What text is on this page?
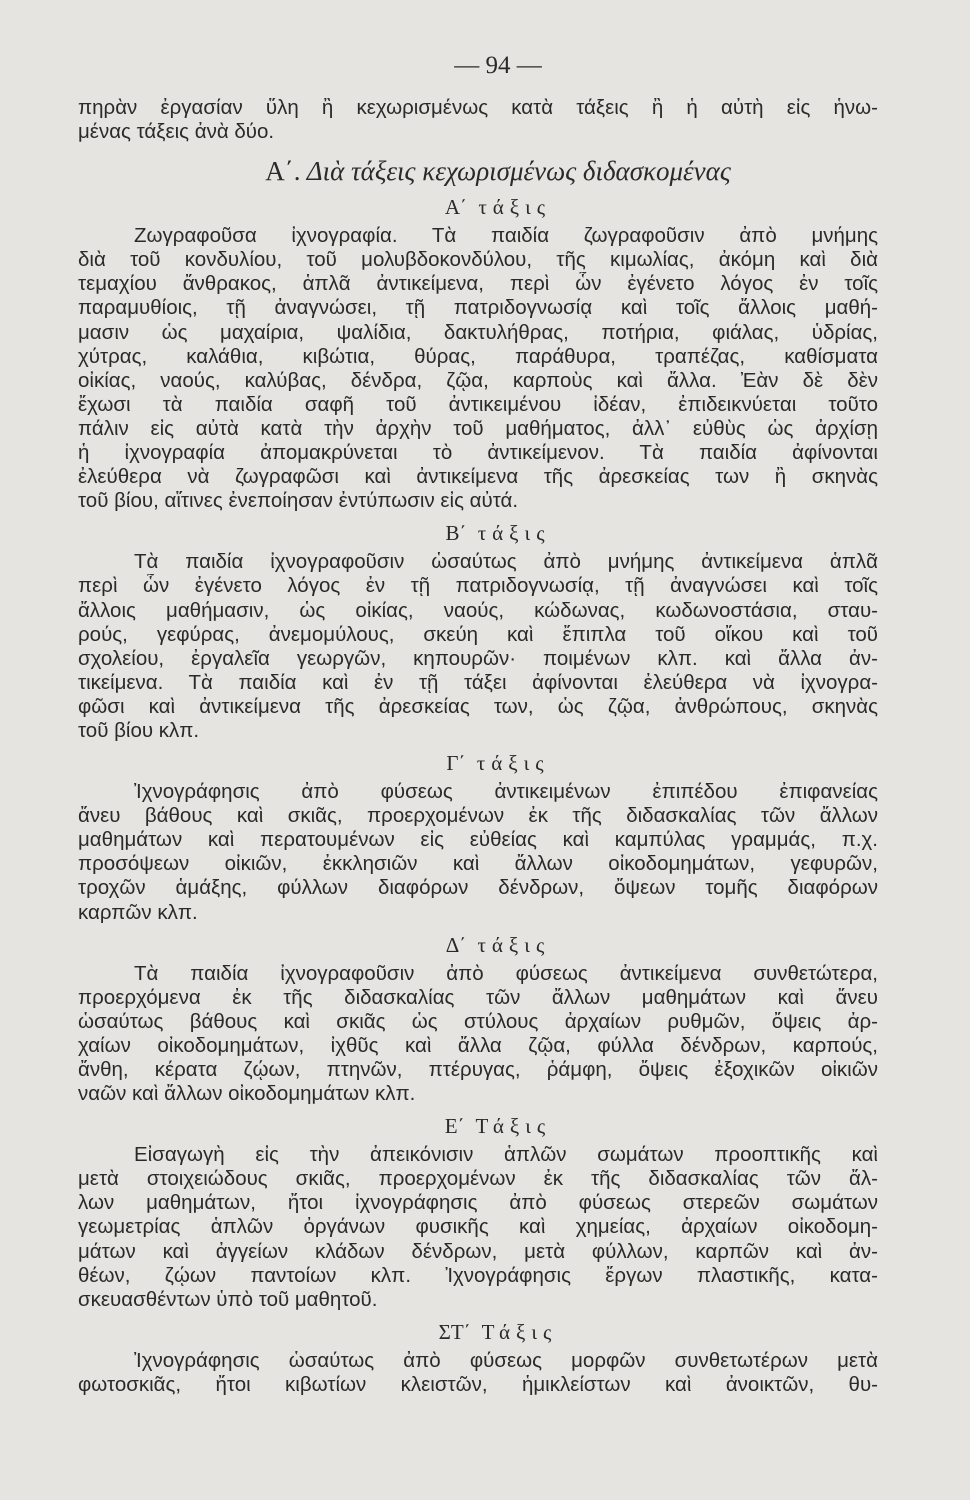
— 94 —
πηρὰν ἐργασίαν ὕλη ἢ κεχωρισμένως κατὰ τάξεις ἢ ἡ αὐτὴ εἰς ἡνω-
μένας τάξεις ἀνὰ δύο.
Α΄. Διὰ τάξεις κεχωρισμένως διδασκομένας
Α΄ τάξις
Ζωγραφοῦσα ἰχνογραφία. Τὰ παιδία ζωγραφοῦσιν ἀπὸ μνήμης
διὰ τοῦ κονδυλίου, τοῦ μολυβδοκονδύλου, τῆς κιμωλίας, ἀκόμη καὶ διὰ
τεμαχίου ἄνθρακος, ἁπλᾶ ἀντικείμενα, περὶ ὧν ἐγένετο λόγος ἐν τοῖς
παραμυθίοις, τῇ ἀναγνώσει, τῇ πατριδογνωσίᾳ καὶ τοῖς ἄλλοις μαθή-
μασιν ὡς μαχαίρια, ψαλίδια, δακτυλήθρας, ποτήρια, φιάλας, ὑδρίας,
χύτρας, καλάθια, κιβώτια, θύρας, παράθυρα, τραπέζας, καθίσματα
οἰκίας, ναούς, καλύβας, δένδρα, ζῷα, καρποὺς καὶ ἄλλα. Ἐὰν δὲ δὲν
ἔχωσι τὰ παιδία σαφῆ τοῦ ἀντικειμένου ἰδέαν, ἐπιδεικνύεται τοῦτο
πάλιν εἰς αὐτὰ κατὰ τὴν ἀρχὴν τοῦ μαθήματος, ἀλλ᾽ εὐθὺς ὡς ἀρχίσῃ
ἡ ἰχνογραφία ἀπομακρύνεται τὸ ἀντικείμενον. Τὰ παιδία ἀφίνονται
ἐλεύθερα νὰ ζωγραφῶσι καὶ ἀντικείμενα τῆς ἀρεσκείας των ἢ σκηνὰς
τοῦ βίου, αἵτινες ἐνεποίησαν ἐντύπωσιν εἰς αὐτά.
Β΄ τάξις
Τὰ παιδία ἰχνογραφοῦσιν ὡσαύτως ἀπὸ μνήμης ἀντικείμενα ἁπλᾶ
περὶ ὧν ἐγένετο λόγος ἐν τῇ πατριδογνωσίᾳ, τῇ ἀναγνώσει καὶ τοῖς
ἄλλοις μαθήμασιν, ὡς οἰκίας, ναούς, κώδωνας, κωδωνοστάσια, σταυ-
ρούς, γεφύρας, ἀνεμομύλους, σκεύη καὶ ἔπιπλα τοῦ οἴκου καὶ τοῦ
σχολείου, ἐργαλεῖα γεωργῶν, κηπουρῶν· ποιμένων κλπ. καὶ ἄλλα ἀν-
τικείμενα. Τὰ παιδία καὶ ἐν τῇ τάξει ἀφίνονται ἐλεύθερα νὰ ἰχνογρα-
φῶσι καὶ ἀντικείμενα τῆς ἀρεσκείας των, ὡς ζῷα, ἀνθρώπους, σκηνὰς
τοῦ βίου κλπ.
Γ΄ τάξις
Ἰχνογράφησις ἀπὸ φύσεως ἀντικειμένων ἐπιπέδου ἐπιφανείας
ἄνευ βάθους καὶ σκιᾶς, προερχομένων ἐκ τῆς διδασκαλίας τῶν ἄλλων
μαθημάτων καὶ περατουμένων εἰς εὐθείας καὶ καμπύλας γραμμάς, π.χ.
προσόψεων οἰκιῶν, ἐκκλησιῶν καὶ ἄλλων οἰκοδομημάτων, γεφυρῶν,
τροχῶν ἁμάξης, φύλλων διαφόρων δένδρων, ὄψεων τομῆς διαφόρων
καρπῶν κλπ.
Δ΄ τάξις
Τὰ παιδία ἰχνογραφοῦσιν ἀπὸ φύσεως ἀντικείμενα συνθετώτερα,
προερχόμενα ἐκ τῆς διδασκαλίας τῶν ἄλλων μαθημάτων καὶ ἄνευ
ὡσαύτως βάθους καὶ σκιᾶς ὡς στύλους ἀρχαίων ρυθμῶν, ὄψεις ἀρ-
χαίων οἰκοδομημάτων, ἰχθῦς καὶ ἄλλα ζῷα, φύλλα δένδρων, καρπούς,
ἄνθη, κέρατα ζῴων, πτηνῶν, πτέρυγας, ῥάμφη, ὄψεις ἐξοχικῶν οἰκιῶν
ναῶν καὶ ἄλλων οἰκοδομημάτων κλπ.
Ε΄ Τάξις
Εἰσαγωγὴ εἰς τὴν ἀπεικόνισιν ἁπλῶν σωμάτων προοπτικῆς καὶ
μετὰ στοιχειώδους σκιᾶς, προερχομένων ἐκ τῆς διδασκαλίας τῶν ἄλ-
λων μαθημάτων, ἤτοι ἰχνογράφησις ἀπὸ φύσεως στερεῶν σωμάτων
γεωμετρίας ἁπλῶν ὀργάνων φυσικῆς καὶ χημείας, ἀρχαίων οἰκοδομη-
μάτων καὶ ἀγγείων κλάδων δένδρων, μετὰ φύλλων, καρπῶν καὶ ἀν-
θέων, ζῴων παντοίων κλπ. Ἰχνογράφησις ἔργων πλαστικῆς, κατα-
σκευασθέντων ὑπὸ τοῦ μαθητοῦ.
ΣΤ΄ Τάξις
Ἰχνογράφησις ὡσαύτως ἀπὸ φύσεως μορφῶν συνθετωτέρων μετὰ
φωτοσκιᾶς, ἤτοι κιβωτίων κλειστῶν, ἡμικλείστων καὶ ἀνοικτῶν, θυ-
